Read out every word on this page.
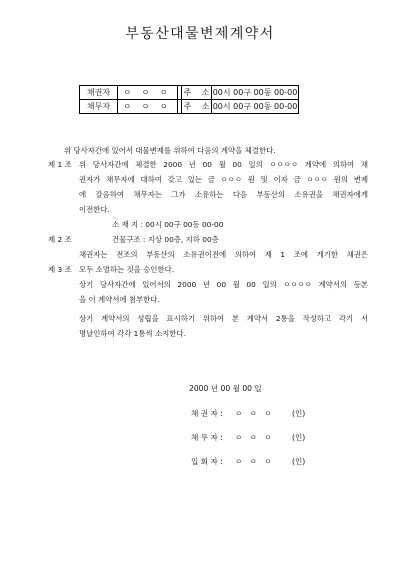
부동산대물변제계약서
채권자	ㅇ ㅇ ㅇ		주 소	00시 00구 00동 00-00
채무자	ㅇ ㅇ ㅇ		주 소	00시 00구 00동 00-00
위 당사자간에 있어서 대물변제를 위하여 다음의 계약을 체결한다.
제 1 조 위 당사자간에 체결한 2000 년 00 월 00 일의 ㅇㅇㅇㅇ 계약에 의하여 채
권자가 채무자에 대하여 갖고 있는 금 ㅇㅇㅇ 원 및 이자 금 ㅇㅇㅇ 원의 변제
에 갈음하여 채무자는 그가 소유하는 다음 부동산의 소유권을 채권자에게
이전한다.
소 재 지 : 00시 00구 00동 00-00
제 2 조	건물구조 : 지상 00층, 지하 00층
채권자는 전조의 부동산의 소유권이전에 의하여 제 1 조에 게기한 채권은
제 3 조 모두 소멸하는 것을 승인한다.
상기 당사자간에 있어서의 2000 년 00 월 00 일의 ㅇㅇㅇㅇ 계약서의 등본
을 이 계약서에 첨부한다.
상기 계약서의 성립을 표시하기 위하여 본 계약서 2통을 작성하고 각기 서
명날인하여 각각 1통씩 소지한다.
2000 년 00 월 00 일
채 권 자 : ㅇ   ㅇ   ㅇ	(인)
채 무 자 : ㅇ   ㅇ   ㅇ	(인)
입 회 자 : ㅇ   ㅇ   ㅇ	(인)
